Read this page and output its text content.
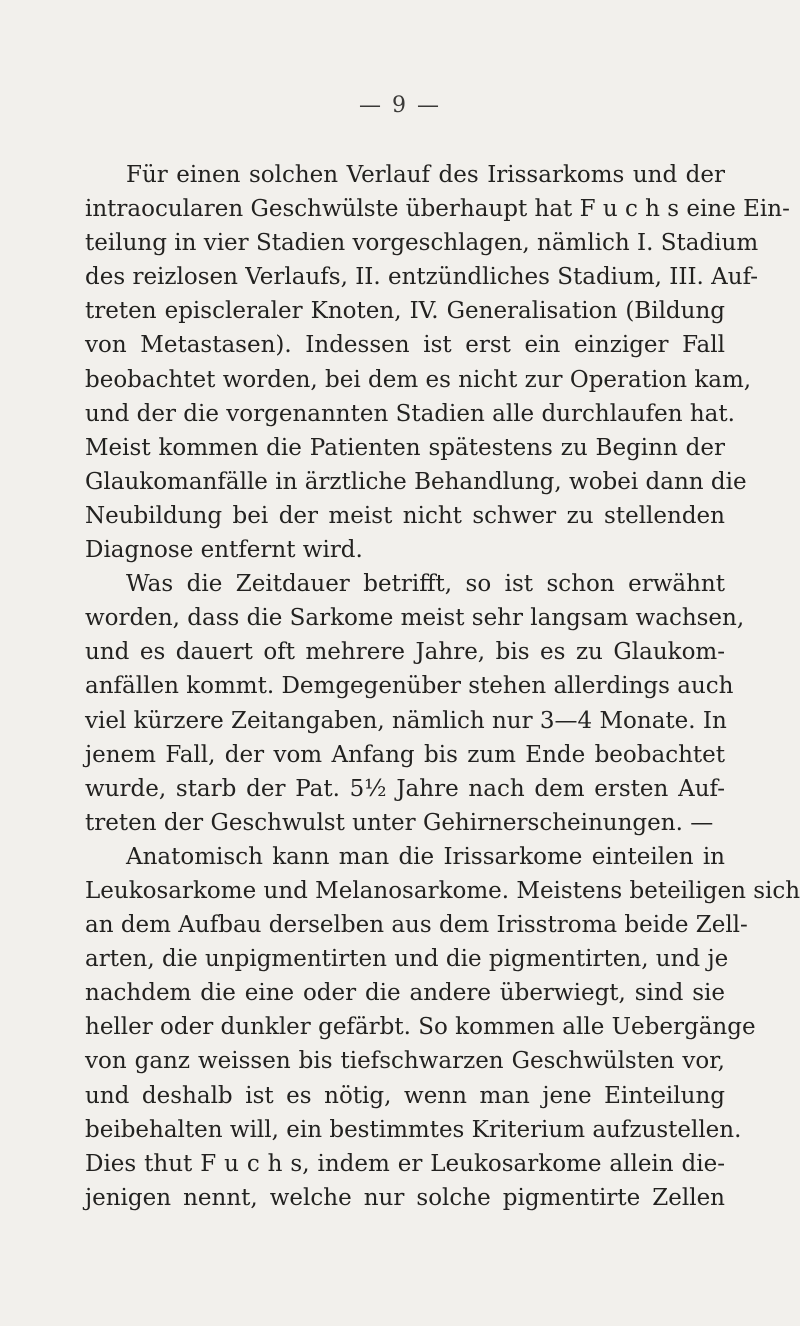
— 9 —
Für einen solchen Verlauf des Irissarkoms und der
intraocularen Geschwülste überhaupt hat F u c h s eine Ein-
teilung in vier Stadien vorgeschlagen, nämlich I. Stadium
des reizlosen Verlaufs, II. entzündliches Stadium, III. Auf-
treten episcleraler Knoten, IV. Generalisation (Bildung
von Metastasen). Indessen ist erst ein einziger Fall
beobachtet worden, bei dem es nicht zur Operation kam,
und der die vorgenannten Stadien alle durchlaufen hat.
Meist kommen die Patienten spätestens zu Beginn der
Glaukomanfälle in ärztliche Behandlung, wobei dann die
Neubildung bei der meist nicht schwer zu stellenden
Diagnose entfernt wird.
Was die Zeitdauer betrifft, so ist schon erwähnt
worden, dass die Sarkome meist sehr langsam wachsen,
und es dauert oft mehrere Jahre, bis es zu Glaukom-
anfällen kommt. Demgegenüber stehen allerdings auch
viel kürzere Zeitangaben, nämlich nur 3—4 Monate. In
jenem Fall, der vom Anfang bis zum Ende beobachtet
wurde, starb der Pat. 5½ Jahre nach dem ersten Auf-
treten der Geschwulst unter Gehirnerscheinungen. —
Anatomisch kann man die Irissarkome einteilen in
Leukosarkome und Melanosarkome. Meistens beteiligen sich
an dem Aufbau derselben aus dem Irisstroma beide Zell-
arten, die unpigmentirten und die pigmentirten, und je
nachdem die eine oder die andere überwiegt, sind sie
heller oder dunkler gefärbt. So kommen alle Uebergänge
von ganz weissen bis tiefschwarzen Geschwülsten vor,
und deshalb ist es nötig, wenn man jene Einteilung
beibehalten will, ein bestimmtes Kriterium aufzustellen.
Dies thut F u c h s, indem er Leukosarkome allein die-
jenigen nennt, welche nur solche pigmentirte Zellen
